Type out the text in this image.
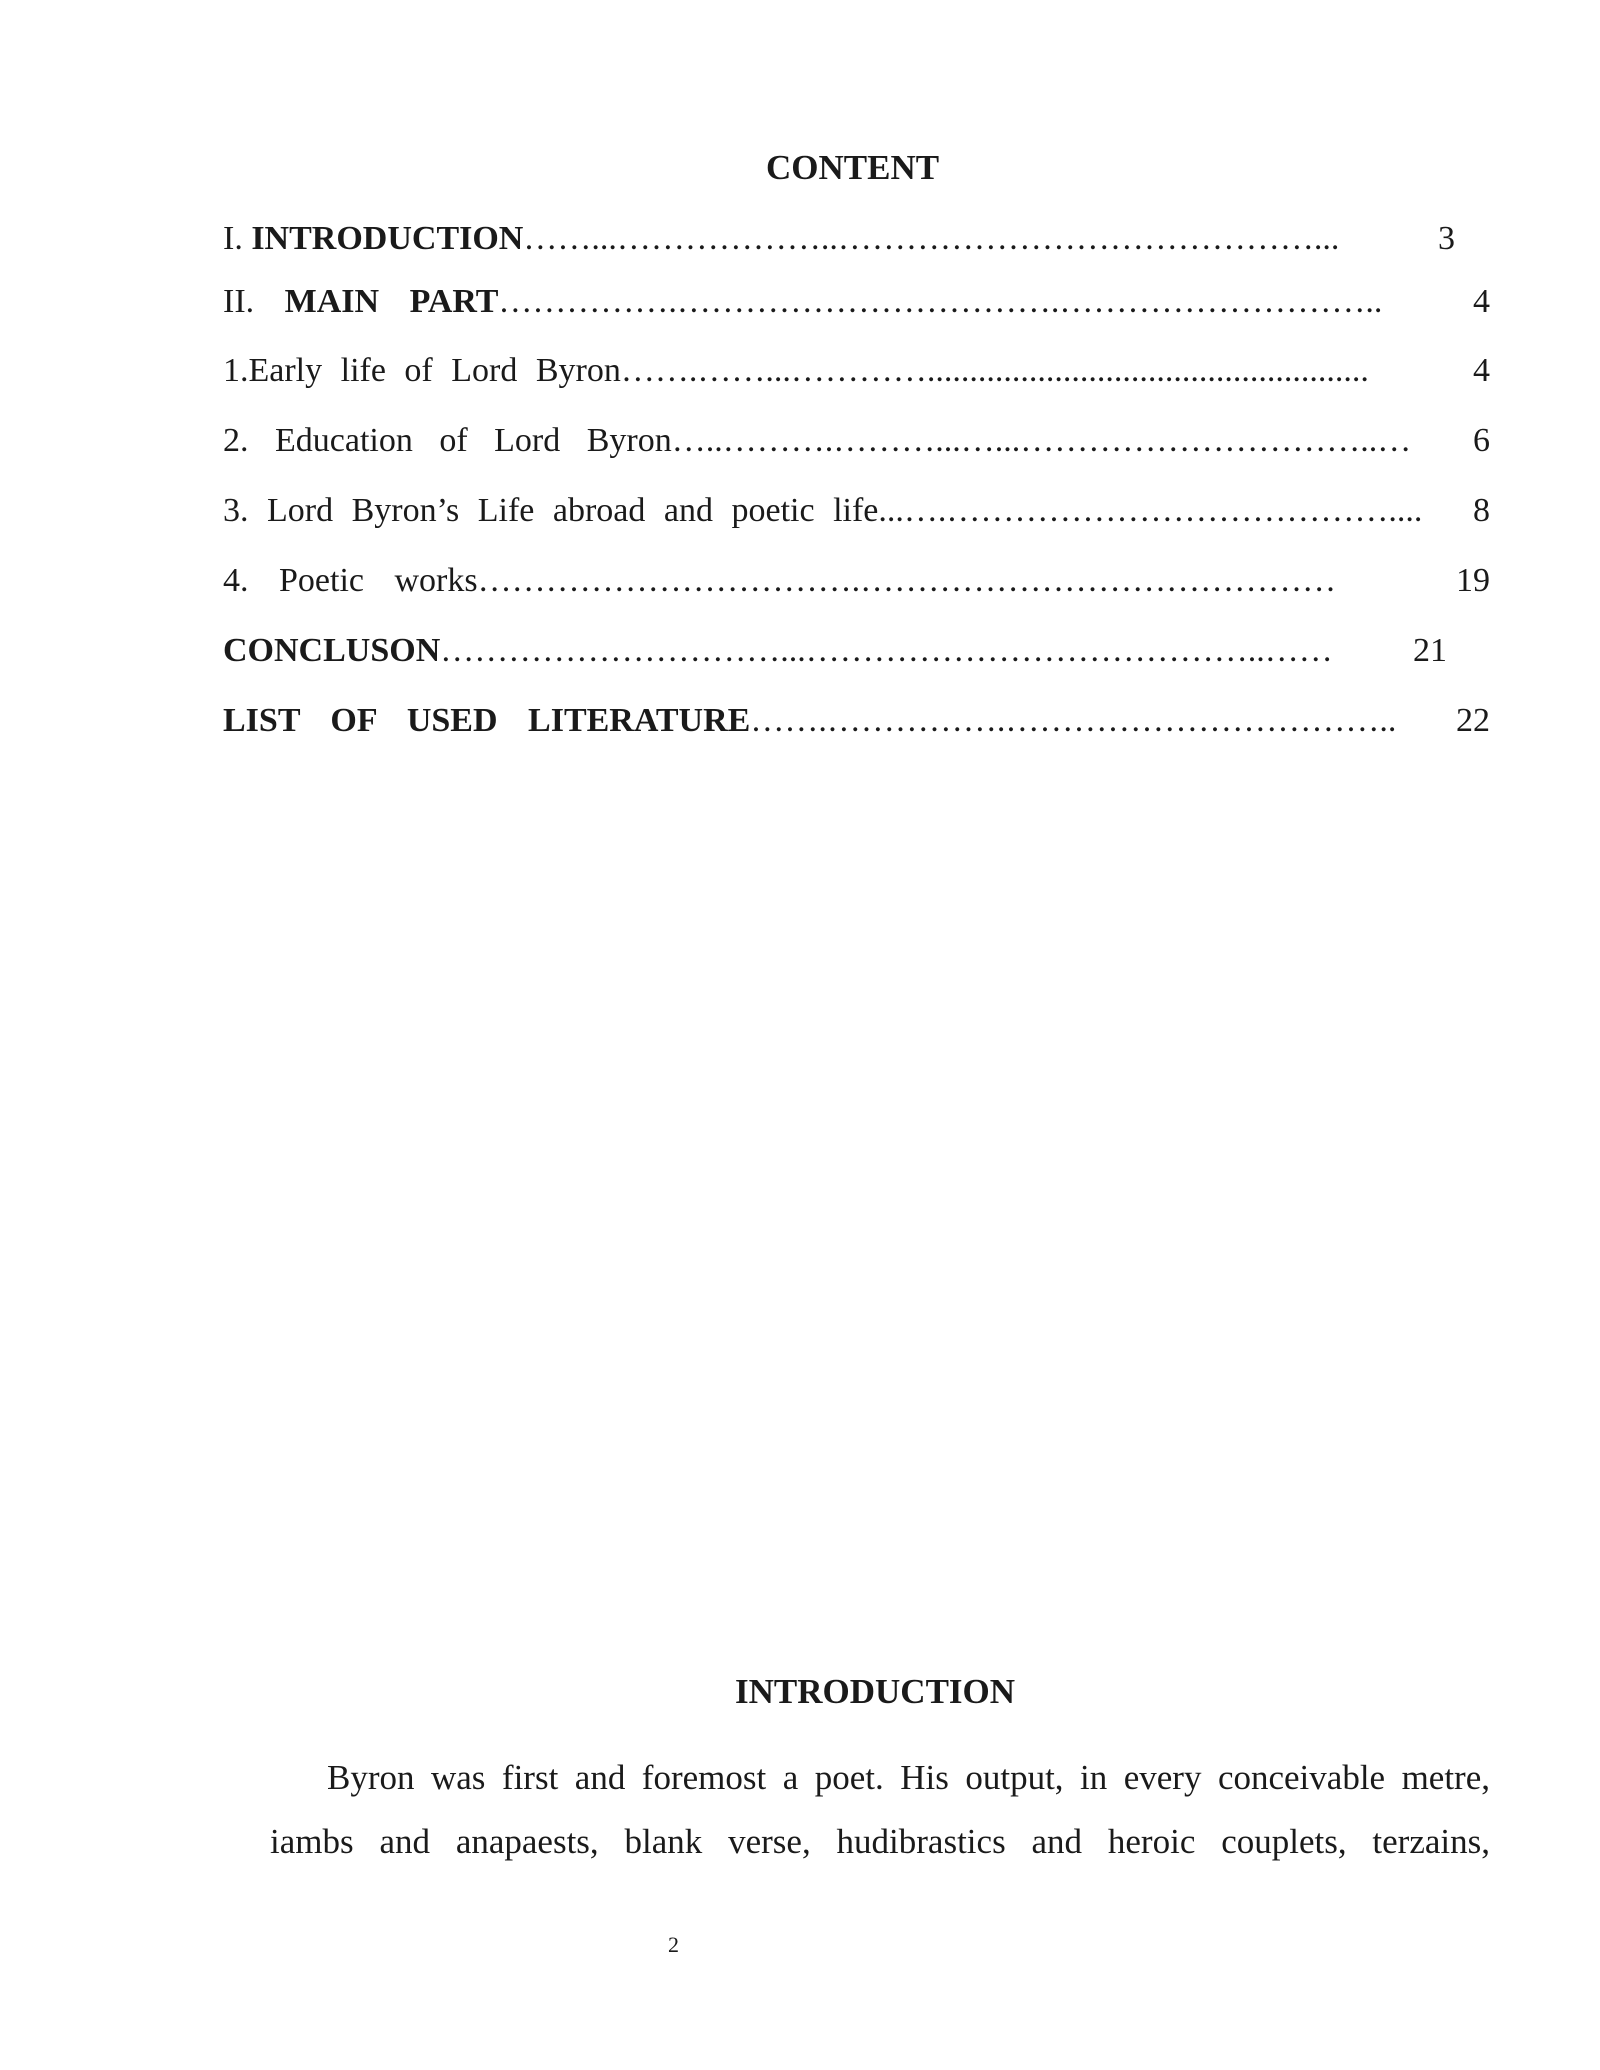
CONTENT
I. INTRODUCTION ……...………………..……………………………………...	3
II. MAIN PART …………….…………………………….………………………..	4
1.Early life of Lord Byron …….……...…………....................................................	4
2. Education of Lord Byron …..……….………...…...…………………………..… 6
3. Lord Byron’s Life abroad and poetic life ...….………………………………….... 8
4. Poetic works …………………………….……………………………………	19
CONCLUSON …………………………...…………………………………..…… 21
LIST OF USED LITERATURE …….…………….…………………………….. 22
INTRODUCTION
Byron was first and foremost a poet. His output, in every conceivable metre,
iambs and anapaests, blank verse, hudibrastics and heroic couplets, terzains,
2
